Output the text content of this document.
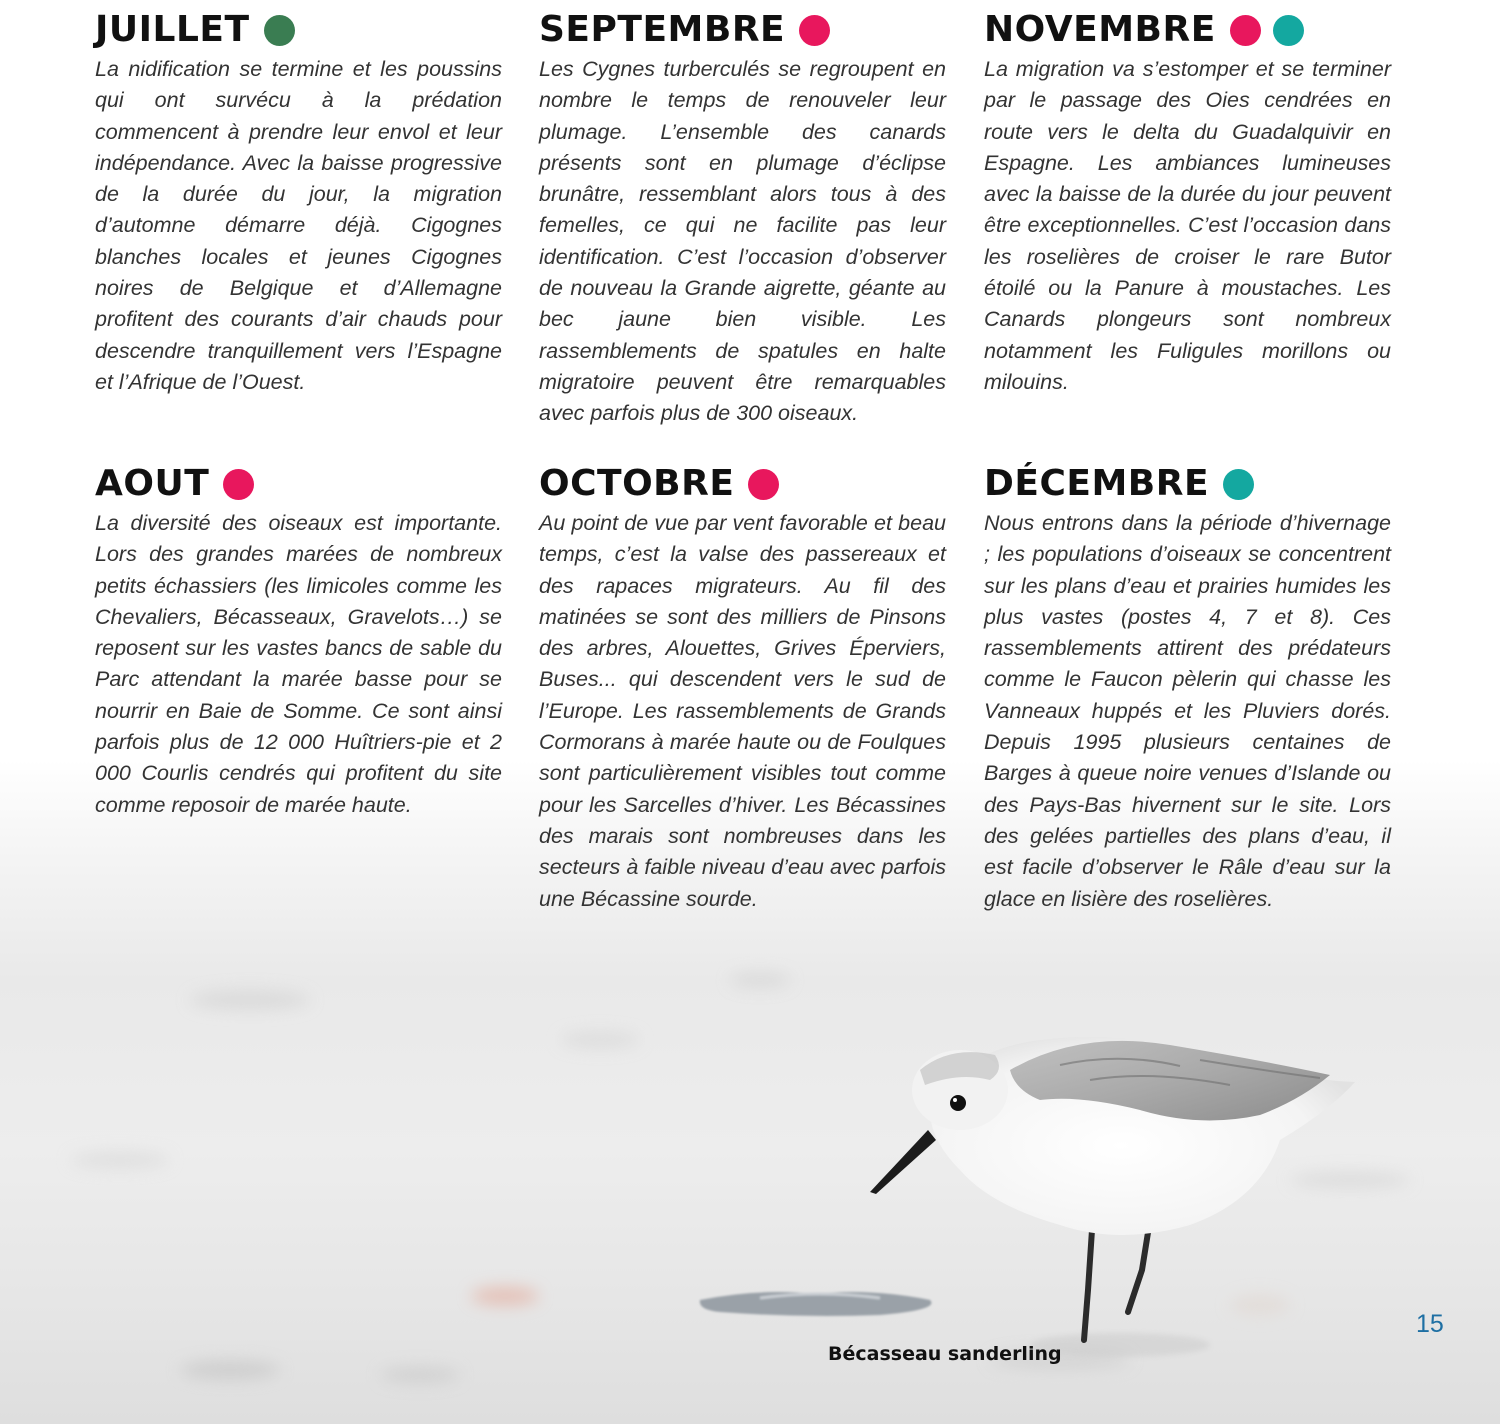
JUILLET

La nidification se termine et les poussins qui ont survécu à la prédation commencent à prendre leur envol et leur indépendance. Avec la baisse progressive de la durée du jour, la migration d’automne démarre déjà. Cigognes blanches locales et jeunes Cigognes noires de Belgique et d’Allemagne profitent des courants d’air chauds pour descendre tranquillement vers l’Espagne et l’Afrique de l’Ouest.

SEPTEMBRE

Les Cygnes turberculés se regroupent en nombre le temps de renouveler leur plumage. L’ensemble des canards présents sont en plumage d’éclipse brunâtre, ressemblant alors tous à des femelles, ce qui ne facilite pas leur identification. C’est l’occasion d’observer de nouveau la Grande aigrette, géante au bec jaune bien visible. Les rassemblements de spatules en halte migratoire peuvent être remarquables avec parfois plus de 300 oiseaux.

NOVEMBRE

La migration va s’estomper et se terminer par le passage des Oies cendrées en route vers le delta du Guadalquivir en Espagne. Les ambiances lumineuses avec la baisse de la durée du jour peuvent être exceptionnelles. C’est l’occasion dans les roselières de croiser le rare Butor étoilé ou la Panure à moustaches. Les Canards plongeurs sont nombreux notamment les Fuligules morillons ou milouins.

AOUT

La diversité des oiseaux est importante. Lors des grandes marées de nombreux petits échassiers (les limicoles comme les Chevaliers, Bécasseaux, Gravelots…) se reposent sur les vastes bancs de sable du Parc attendant la marée basse pour se nourrir en Baie de Somme. Ce sont ainsi parfois plus de 12 000 Huîtriers-pie et 2 000 Courlis cendrés qui profitent du site comme reposoir de marée haute.

OCTOBRE

Au point de vue par vent favorable et beau temps, c’est la valse des passereaux et des rapaces migrateurs. Au fil des matinées se sont des milliers de Pinsons des arbres, Alouettes, Grives Éperviers, Buses... qui descendent vers le sud de l’Europe. Les rassemblements de Grands Cormorans à marée haute ou de Foulques sont particulièrement visibles tout comme pour les Sarcelles d’hiver. Les Bécassines des marais sont nombreuses dans les secteurs à faible niveau d’eau avec parfois une Bécassine sourde.

DÉCEMBRE

Nous entrons dans la période d’hivernage ; les populations d’oiseaux se concentrent sur les plans d’eau et prairies humides les plus vastes (postes 4, 7 et 8). Ces rassemblements attirent des prédateurs comme le Faucon pèlerin qui chasse les Vanneaux huppés et les Pluviers dorés. Depuis 1995 plusieurs centaines de Barges à queue noire venues d’Islande ou des Pays-Bas hivernent sur le site. Lors des gelées partielles des plans d’eau, il est facile d’observer le Râle d’eau sur la glace en lisière des roselières.

Bécasseau sanderling
15
